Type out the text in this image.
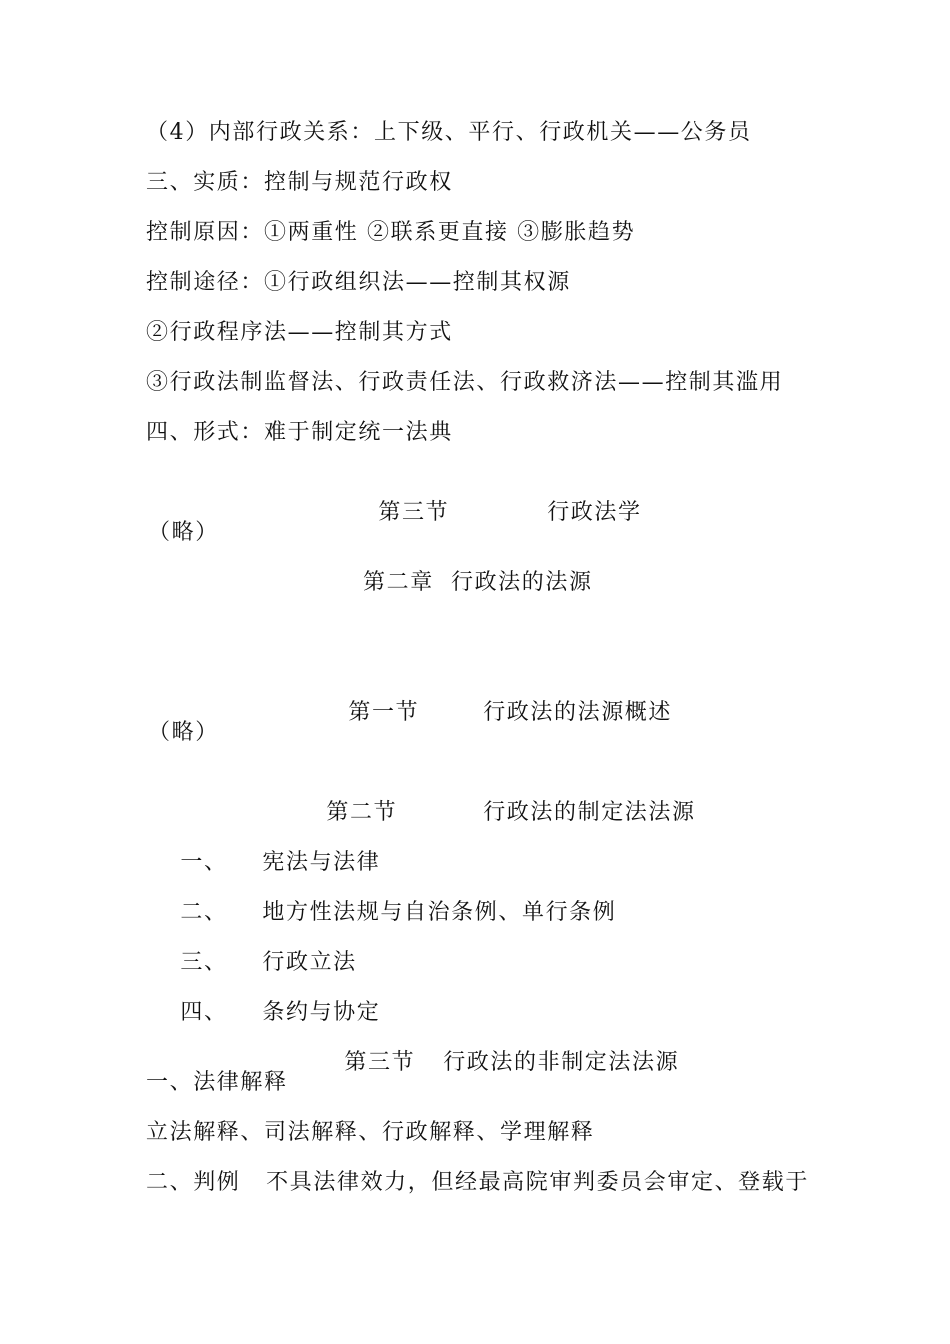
（4）内部行政关系：上下级、平行、行政机关——公务员
三、实质：控制与规范行政权
控制原因：①两重性 ②联系更直接 ③膨胀趋势
控制途径：①行政组织法——控制其权源
②行政程序法——控制其方式
③行政法制监督法、行政责任法、行政救济法——控制其滥用
四、形式：难于制定统一法典

第三节	行政法学

（略）
第二章  行政法的法源

第一节	行政法的法源概述

（略）

第二节	行政法的制定法法源

一、 宪法与法律

二、 地方性法规与自治条例、单行条例

三、 行政立法

四、 条约与协定

第三节 行政法的非制定法法源

一、法律解释
立法解释、司法解释、行政解释、学理解释
二、判例   不具法律效力，但经最高院审判委员会审定、登载于
